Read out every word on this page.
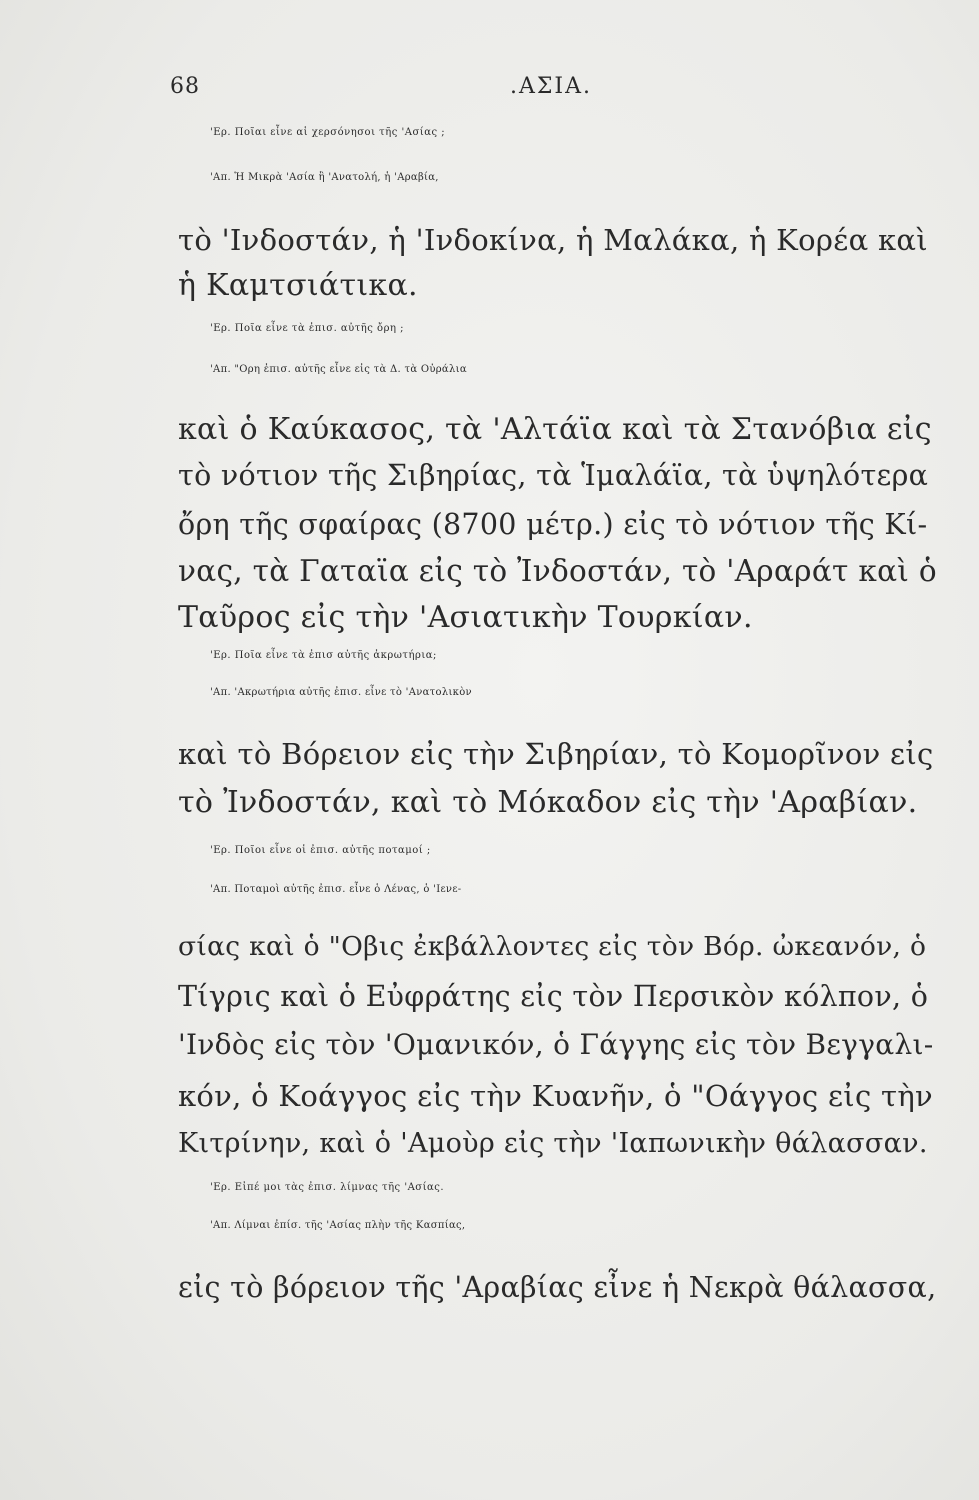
68	.ΑΣΙΑ.
'Ερ. Ποῖαι εἶνε αἱ χερσόνησοι τῆς 'Ασίας ;
'Απ. Ἡ Μικρὰ 'Ασία ἢ 'Ανατολή, ἡ 'Αραβία,
τὸ 'Ινδοστάν, ἡ 'Ινδοκίνα, ἡ Μαλάκα, ἡ Κορέα καὶ
ἡ Καμτσιάτικα.
'Ερ. Ποῖα εἶνε τὰ ἐπισ. αὐτῆς ὄρη ;
'Απ. "Ορη ἐπισ. αὐτῆς εἶνε εἰς τὰ Δ. τὰ Οὐράλια
καὶ ὁ Καύκασος, τὰ 'Αλτάϊα καὶ τὰ Στανόβια εἰς
τὸ νότιον τῆς Σιβηρίας, τὰ Ἱμαλάϊα, τὰ ὑψηλότερα
ὄρη τῆς σφαίρας (8700 μέτρ.) εἰς τὸ νότιον τῆς Κί-
νας, τὰ Γαταϊα εἰς τὸ Ἰνδοστάν, τὸ 'Αραράτ καὶ ὁ
Ταῦρος εἰς τὴν 'Ασιατικὴν Τουρκίαν.
'Ερ. Ποῖα εἶνε τὰ ἐπισ αὐτῆς ἀκρωτήρια;
'Απ. 'Ακρωτήρια αὐτῆς ἐπισ. εἶνε τὸ 'Ανατολικὸν
καὶ τὸ Βόρειον εἰς τὴν Σιβηρίαν, τὸ Κομορῖνον εἰς
τὸ Ἰνδοστάν, καὶ τὸ Μόκαδον εἰς τὴν 'Αραβίαν.
'Ερ. Ποῖοι εἶνε οἱ ἐπισ. αὐτῆς ποταμοί ;
'Απ. Ποταμοὶ αὐτῆς ἐπισ. εἶνε ὁ Λένας, ὁ 'Ιενε-
σίας καὶ ὁ "Οβις ἐκβάλλοντες εἰς τὸν Βόρ. ὠκεανόν, ὁ
Τίγρις καὶ ὁ Εὐφράτης εἰς τὸν Περσικὸν κόλπον, ὁ
'Ινδὸς εἰς τὸν 'Ομανικόν, ὁ Γάγγης εἰς τὸν Βεγγαλι-
κόν, ὁ Κοάγγος εἰς τὴν Κυανῆν, ὁ "Οάγγος εἰς τὴν
Κιτρίνην, καὶ ὁ 'Αμοὺρ εἰς τὴν 'Ιαπωνικὴν θάλασσαν.
'Ερ. Εἰπέ μοι τὰς ἐπισ. λίμνας τῆς 'Ασίας.
'Απ. Λίμναι ἐπίσ. τῆς 'Ασίας πλὴν τῆς Κασπίας,
εἰς τὸ βόρειον τῆς 'Αραβίας εἶνε ἡ Νεκρὰ θάλασσα,
